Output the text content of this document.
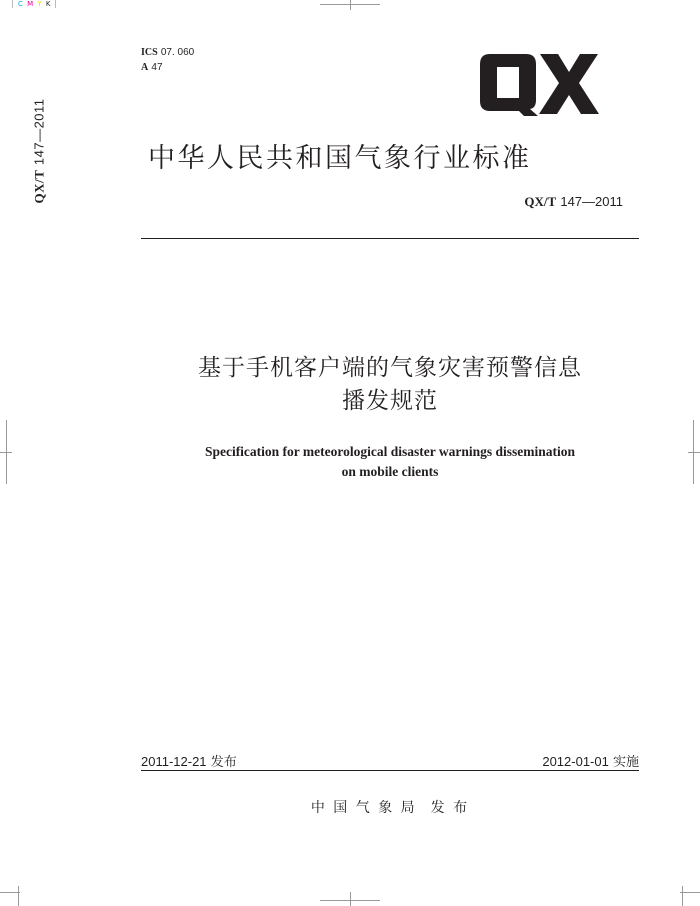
C M Y K
QX/T 147—2011
ICS 07. 060
A 47
中华人民共和国气象行业标准
QX/T 147—2011
基于手机客户端的气象灾害预警信息
播发规范
Specification for meteorological disaster warnings dissemination
on mobile clients
2011-12-21 发布	2012-01-01 实施
中 国 气 象 局 发 布
